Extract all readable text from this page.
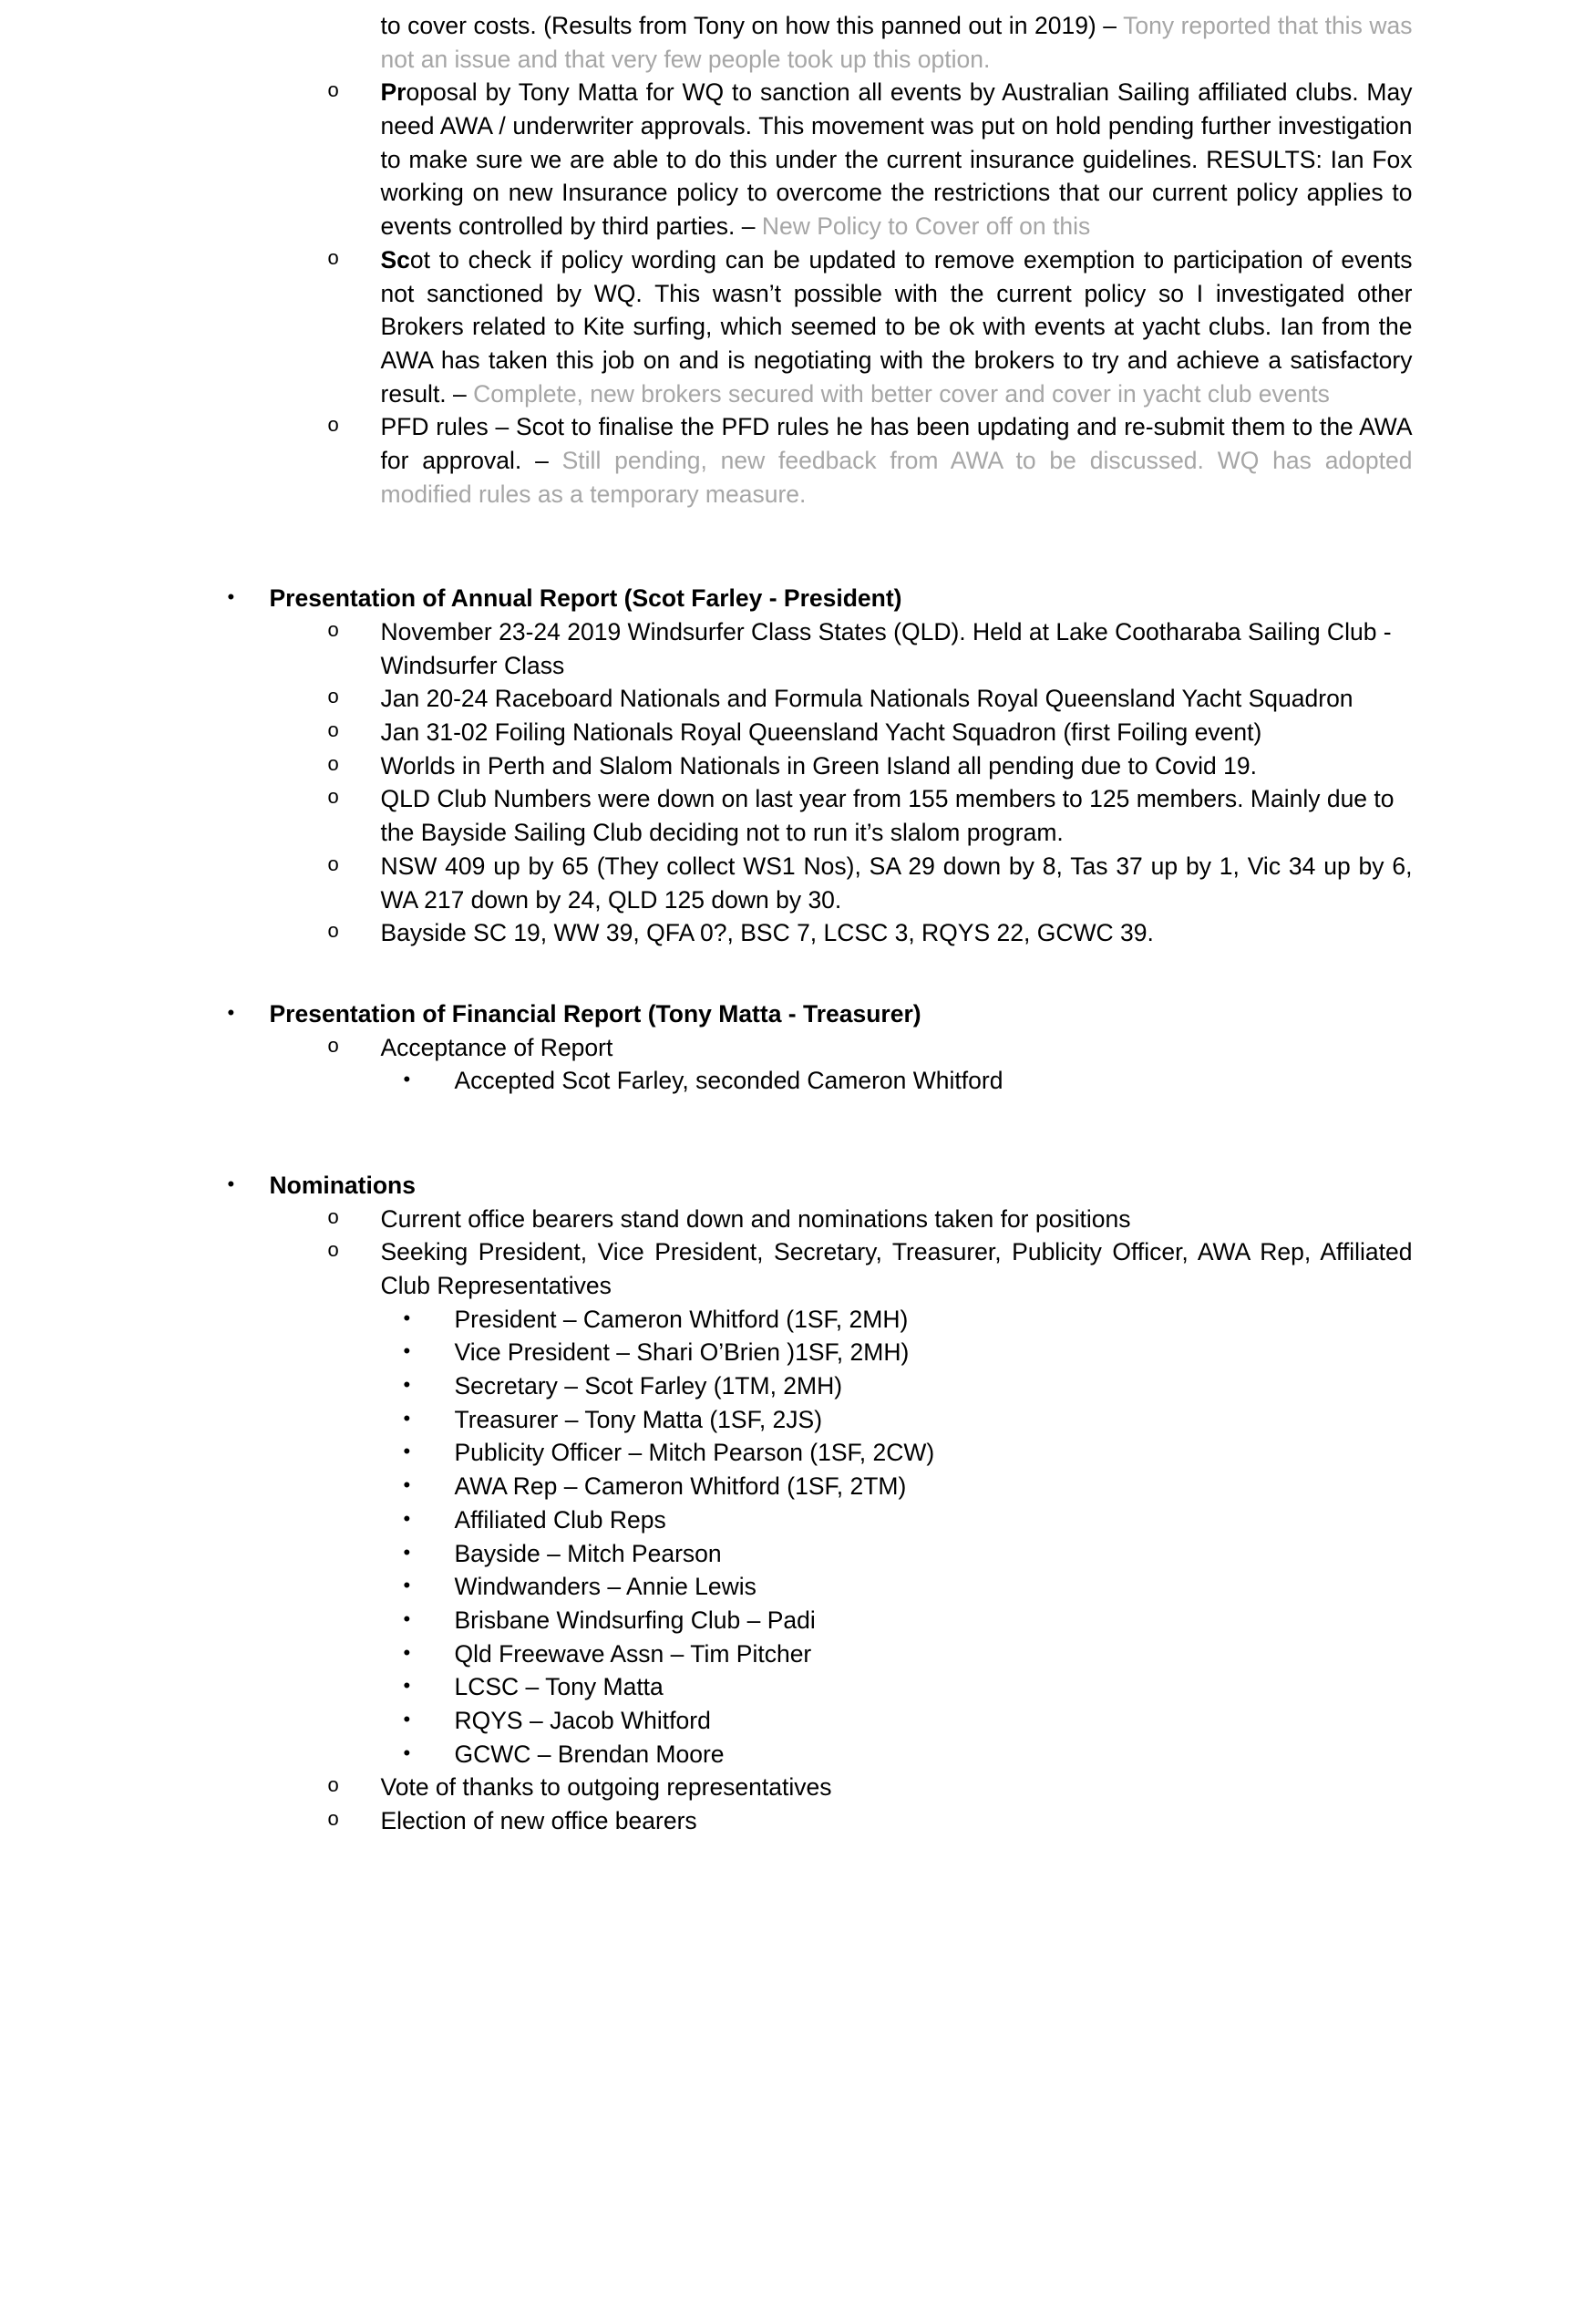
to cover costs. (Results from Tony on how this panned out in 2019) – Tony reported that this was not an issue and that very few people took up this option.
o	Proposal by Tony Matta for WQ to sanction all events by Australian Sailing affiliated clubs. May need AWA / underwriter approvals. This movement was put on hold pending further investigation to make sure we are able to do this under the current insurance guidelines. RESULTS: Ian Fox working on new Insurance policy to overcome the restrictions that our current policy applies to events controlled by third parties. – New Policy to Cover off on this
o	Scot to check if policy wording can be updated to remove exemption to participation of events not sanctioned by WQ. This wasn’t possible with the current policy so I investigated other Brokers related to Kite surfing, which seemed to be ok with events at yacht clubs. Ian from the AWA has taken this job on and is negotiating with the brokers to try and achieve a satisfactory result. – Complete, new brokers secured with better cover and cover in yacht club events
o	PFD rules – Scot to finalise the PFD rules he has been updating and re-submit them to the AWA for approval. – Still pending, new feedback from AWA to be discussed. WQ has adopted modified rules as a temporary measure.
•	Presentation of Annual Report (Scot Farley - President)
o	November 23-24 2019 Windsurfer Class States (QLD). Held at Lake Cootharaba Sailing Club - Windsurfer Class
o	Jan 20-24 Raceboard Nationals and Formula Nationals Royal Queensland Yacht Squadron
o	Jan 31-02 Foiling Nationals Royal Queensland Yacht Squadron (first Foiling event)
o	Worlds in Perth and Slalom Nationals in Green Island all pending due to Covid 19.
o	QLD Club Numbers were down on last year from 155 members to 125 members. Mainly due to the Bayside Sailing Club deciding not to run it’s slalom program.
o	NSW 409 up by 65 (They collect WS1 Nos), SA 29 down by 8, Tas 37 up by 1, Vic 34 up by 6, WA 217 down by 24, QLD 125 down by 30.
o	Bayside SC 19, WW 39, QFA 0?, BSC 7, LCSC 3, RQYS 22, GCWC 39.
•	Presentation of Financial Report (Tony Matta - Treasurer)
o	Acceptance of Report
•	Accepted Scot Farley, seconded Cameron Whitford
•	Nominations
o	Current office bearers stand down and nominations taken for positions
o	Seeking President, Vice President, Secretary, Treasurer, Publicity Officer, AWA Rep, Affiliated Club Representatives
•	President – Cameron Whitford (1SF, 2MH)
•	Vice President – Shari O’Brien )1SF, 2MH)
•	Secretary – Scot Farley (1TM, 2MH)
•	Treasurer – Tony Matta (1SF, 2JS)
•	Publicity Officer – Mitch Pearson (1SF, 2CW)
•	AWA Rep – Cameron Whitford (1SF, 2TM)
•	Affiliated Club Reps
•	Bayside – Mitch Pearson
•	Windwanders – Annie Lewis
•	Brisbane Windsurfing Club – Padi
•	Qld Freewave Assn – Tim Pitcher
•	LCSC – Tony Matta
•	RQYS – Jacob Whitford
•	GCWC – Brendan Moore
o	Vote of thanks to outgoing representatives
o	Election of new office bearers
